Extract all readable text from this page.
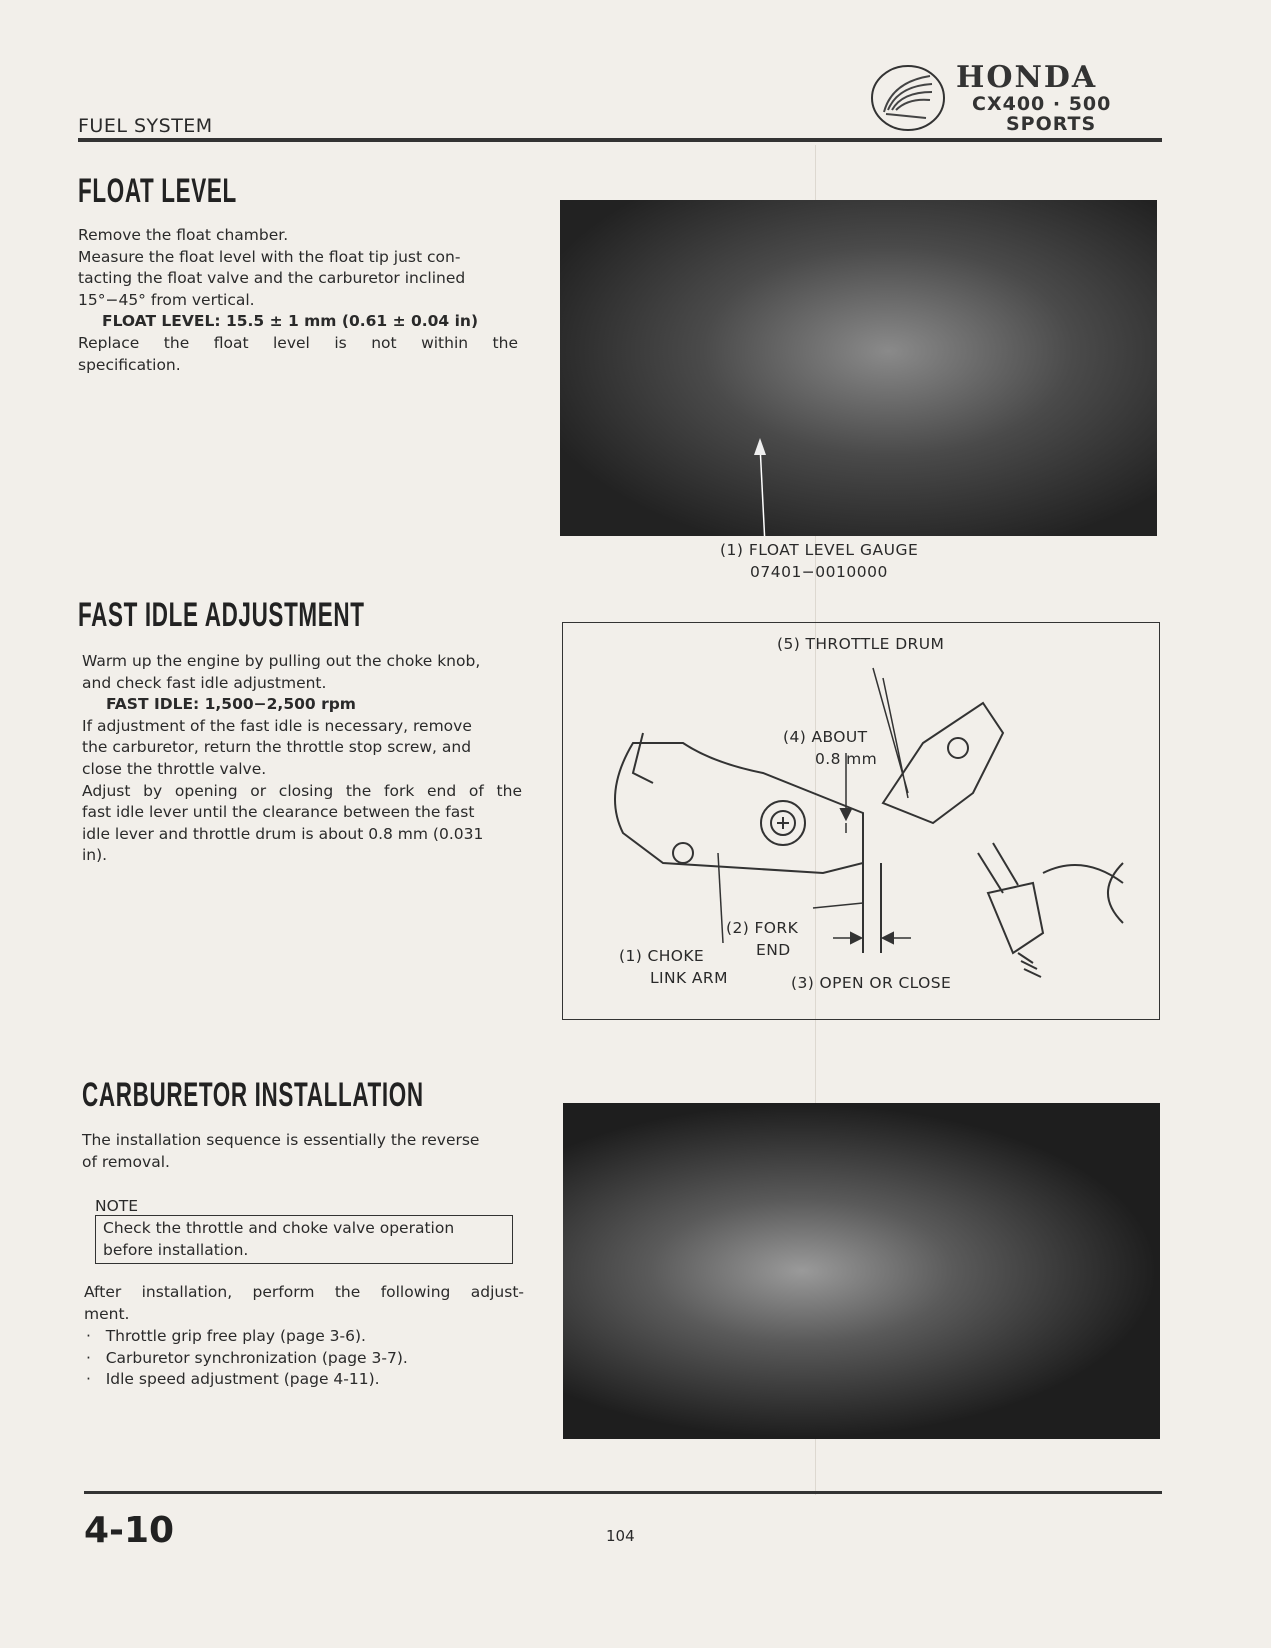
FUEL SYSTEM
HONDA
CX400 · 500
SPORTS
FLOAT LEVEL
Remove the float chamber.
Measure the float level with the float tip just con-
tacting the float valve and the carburetor inclined
15°−45° from vertical.
FLOAT LEVEL: 15.5 ± 1 mm (0.61 ± 0.04 in)
Replace the float level is not within the
specification.
(1) FLOAT LEVEL GAUGE
07401−0010000
FAST IDLE ADJUSTMENT
Warm up the engine by pulling out the choke knob,
and check fast idle adjustment.
FAST IDLE: 1,500−2,500 rpm
If adjustment of the fast idle is necessary, remove
the carburetor, return the throttle stop screw, and
close the throttle valve.
Adjust by opening or closing the fork end of the
fast idle lever until the clearance between the fast
idle lever and throttle drum is about 0.8 mm (0.031
in).
(5) THROTTLE DRUM
(4) ABOUT
0.8 mm
(2) FORK
END
(1) CHOKE
LINK ARM	(3) OPEN OR CLOSE
CARBURETOR INSTALLATION
The installation sequence is essentially the reverse
of removal.
NOTE
Check the throttle and choke valve operation
before installation.
After installation, perform the following adjust-
ment.
·   Throttle grip free play (page 3-6).
·   Carburetor synchronization (page 3-7).
·   Idle speed adjustment (page 4-11).
4-10	104
